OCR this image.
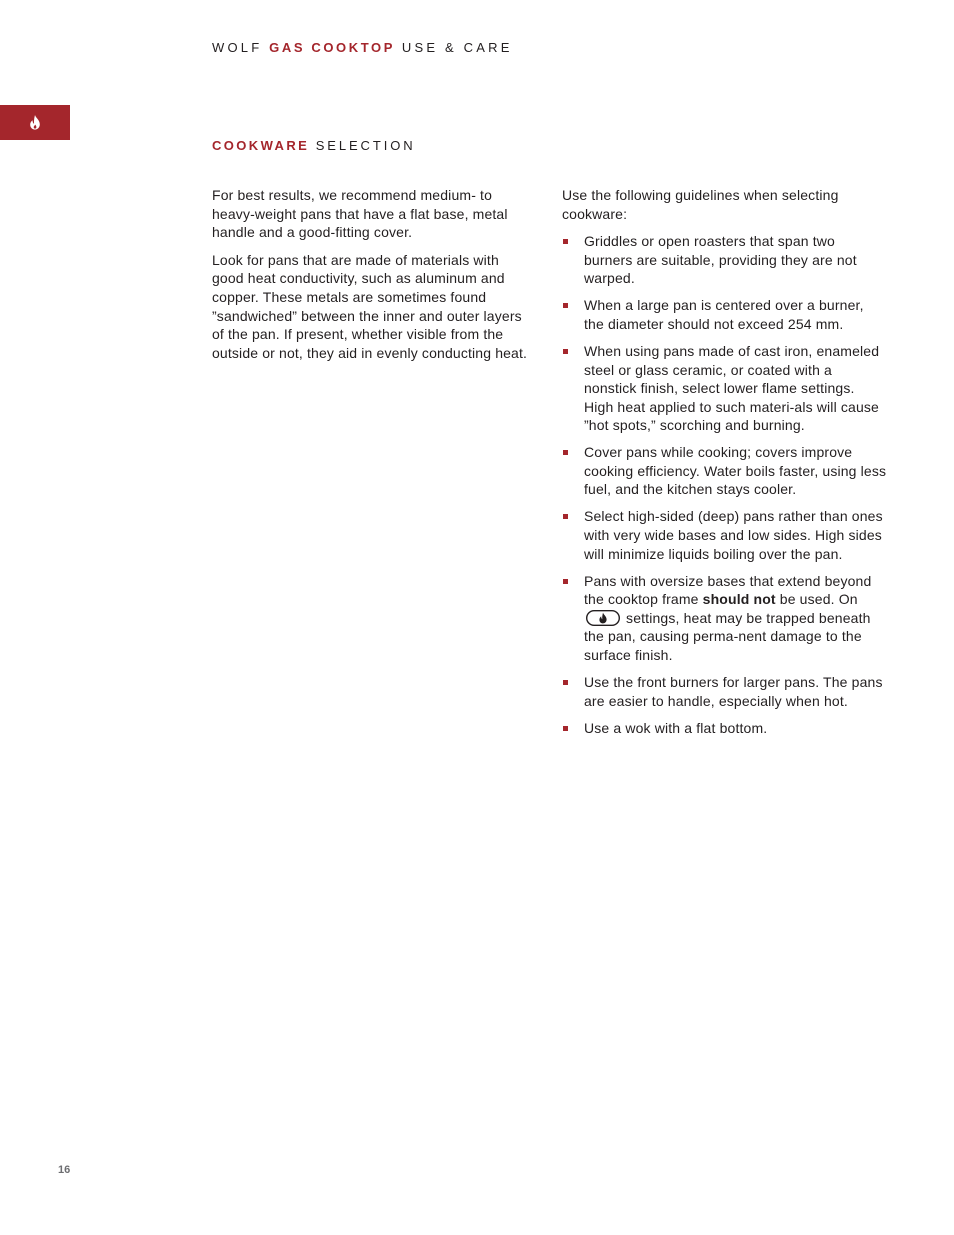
WOLF GAS COOKTOP USE & CARE
COOKWARE SELECTION

For best results, we recommend medium- to heavy-weight pans that have a flat base, metal handle and a good-fitting cover.

Look for pans that are made of materials with good heat conductivity, such as aluminum and copper. These metals are sometimes found ”sandwiched” between the inner and outer layers of the pan. If present, whether visible from the outside or not, they aid in evenly conducting heat.

Use the following guidelines when selecting cookware:

Griddles or open roasters that span two burners are suitable, providing they are not warped.
When a large pan is centered over a burner, the diameter should not exceed 254 mm.
When using pans made of cast iron, enameled steel or glass ceramic, or coated with a nonstick finish, select lower flame settings. High heat applied to such materi-als will cause ”hot spots,” scorching and burning.
Cover pans while cooking; covers improve cooking efficiency. Water boils faster, using less fuel, and the kitchen stays cooler.
Select high-sided (deep) pans rather than ones with very wide bases and low sides. High sides will minimize liquids boiling over the pan.
Pans with oversize bases that extend beyond the cooktop frame should not be used. On  settings, heat may be trapped beneath the pan, causing perma-nent damage to the surface finish.
Use the front burners for larger pans. The pans are easier to handle, especially when hot.
Use a wok with a flat bottom.
16
